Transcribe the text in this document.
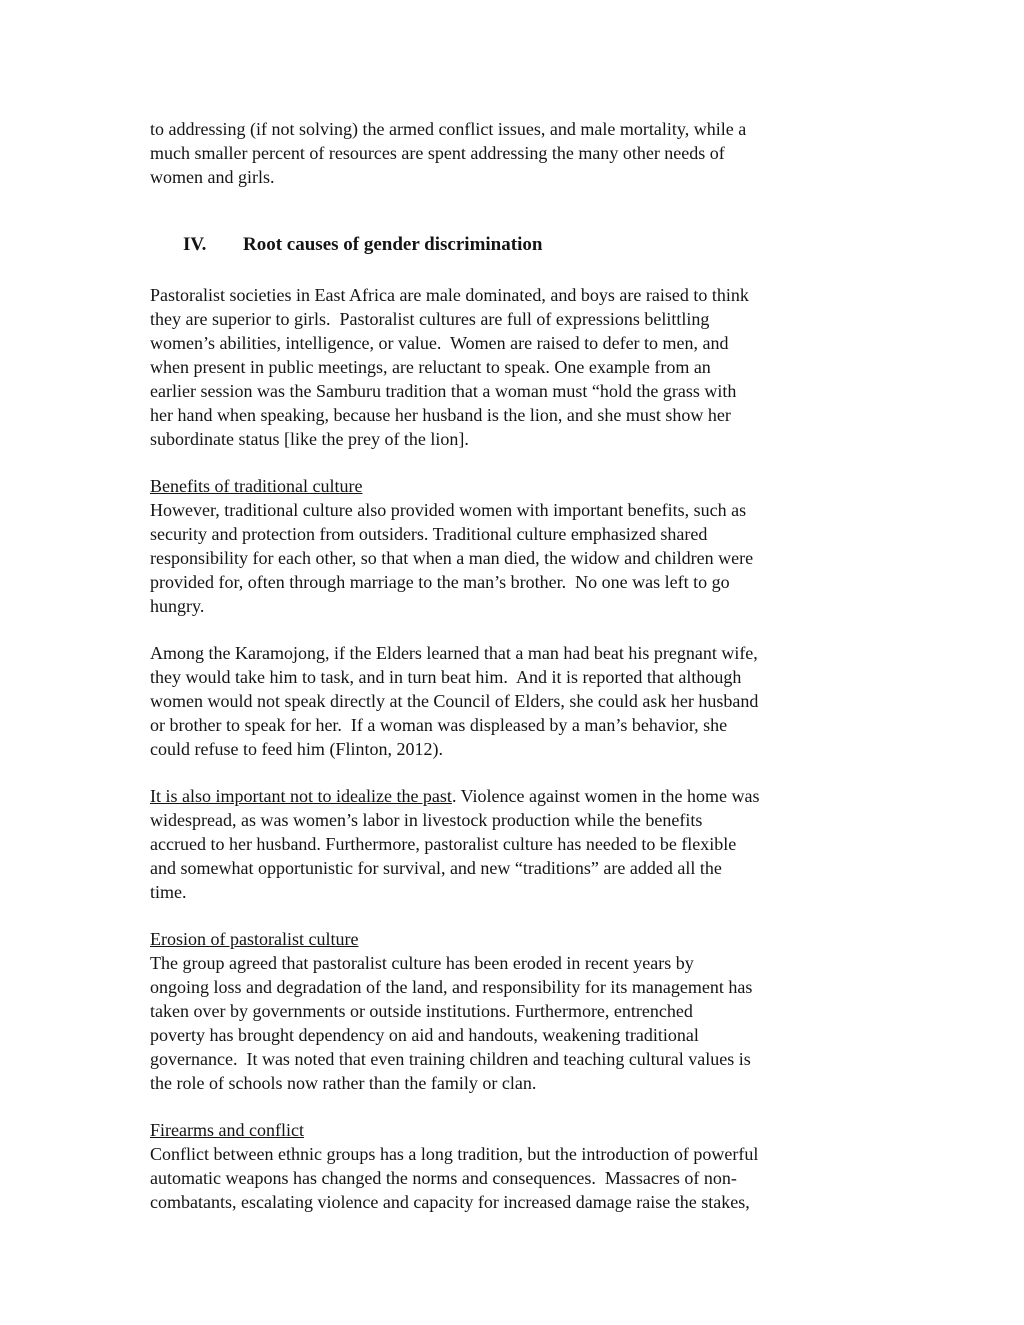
to addressing (if not solving) the armed conflict issues, and male mortality, while a
much smaller percent of resources are spent addressing the many other needs of
women and girls.
IV. Root causes of gender discrimination
Pastoralist societies in East Africa are male dominated, and boys are raised to think
they are superior to girls.  Pastoralist cultures are full of expressions belittling
women’s abilities, intelligence, or value.  Women are raised to defer to men, and
when present in public meetings, are reluctant to speak. One example from an
earlier session was the Samburu tradition that a woman must “hold the grass with
her hand when speaking, because her husband is the lion, and she must show her
subordinate status [like the prey of the lion].
Benefits of traditional culture
However, traditional culture also provided women with important benefits, such as
security and protection from outsiders. Traditional culture emphasized shared
responsibility for each other, so that when a man died, the widow and children were
provided for, often through marriage to the man’s brother.  No one was left to go
hungry.
Among the Karamojong, if the Elders learned that a man had beat his pregnant wife,
they would take him to task, and in turn beat him.  And it is reported that although
women would not speak directly at the Council of Elders, she could ask her husband
or brother to speak for her.  If a woman was displeased by a man’s behavior, she
could refuse to feed him (Flinton, 2012).
It is also important not to idealize the past. Violence against women in the home was
widespread, as was women’s labor in livestock production while the benefits
accrued to her husband. Furthermore, pastoralist culture has needed to be flexible
and somewhat opportunistic for survival, and new “traditions” are added all the
time.
Erosion of pastoralist culture
The group agreed that pastoralist culture has been eroded in recent years by
ongoing loss and degradation of the land, and responsibility for its management has
taken over by governments or outside institutions. Furthermore, entrenched
poverty has brought dependency on aid and handouts, weakening traditional
governance.  It was noted that even training children and teaching cultural values is
the role of schools now rather than the family or clan.
Firearms and conflict
Conflict between ethnic groups has a long tradition, but the introduction of powerful
automatic weapons has changed the norms and consequences.  Massacres of non-
combatants, escalating violence and capacity for increased damage raise the stakes,
